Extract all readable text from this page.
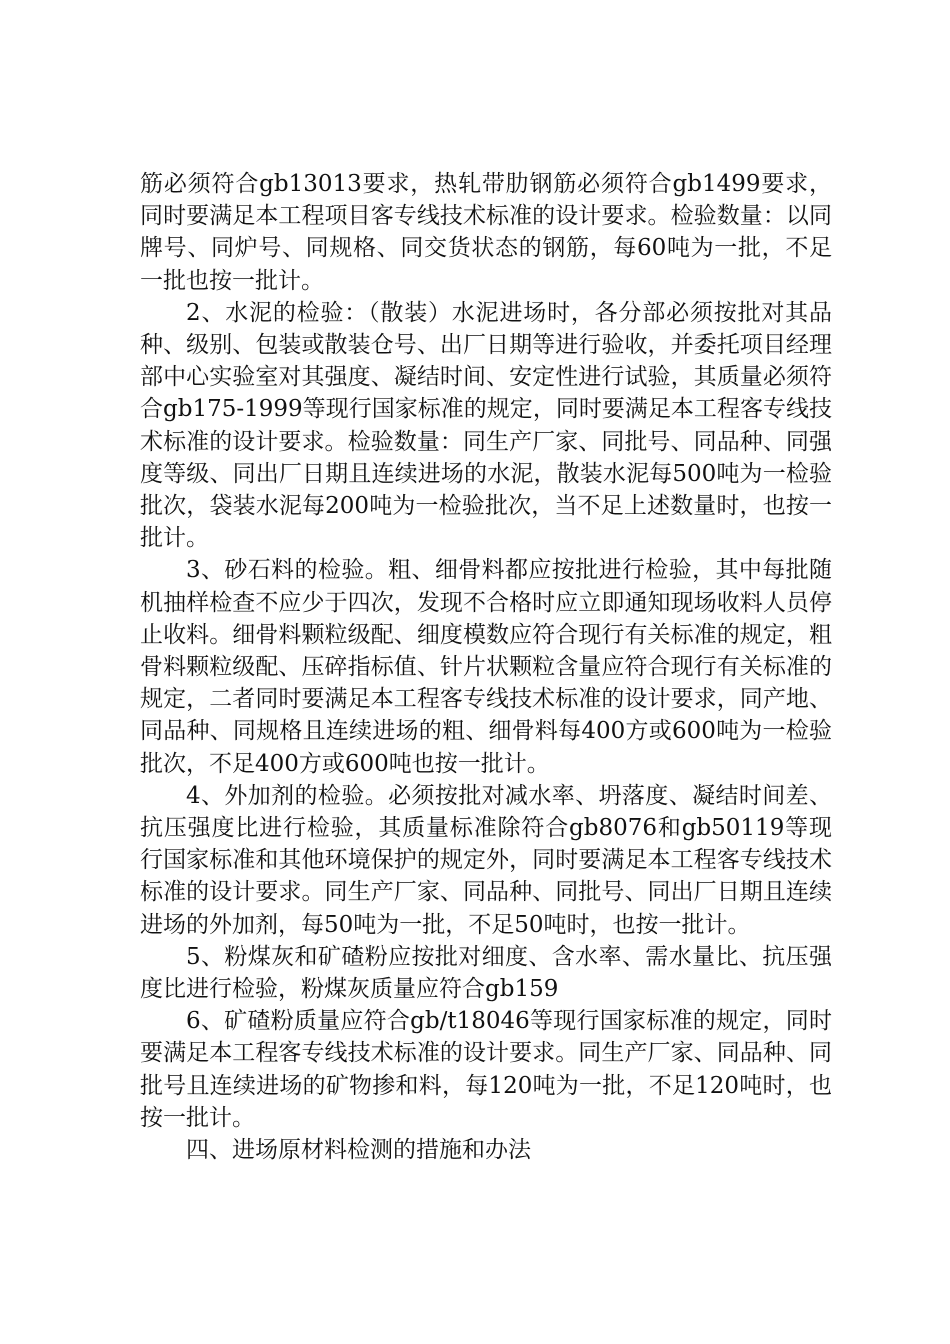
筋必须符合gb13013要求，热轧带肋钢筋必须符合gb1499要求，同时要满足本工程项目客专线技术标准的设计要求。检验数量：以同牌号、同炉号、同规格、同交货状态的钢筋，每60吨为一批，不足一批也按一批计。

2、水泥的检验：（散装）水泥进场时，各分部必须按批对其品种、级别、包装或散装仓号、出厂日期等进行验收，并委托项目经理部中心实验室对其强度、凝结时间、安定性进行试验，其质量必须符合gb175-1999等现行国家标准的规定，同时要满足本工程客专线技术标准的设计要求。检验数量：同生产厂家、同批号、同品种、同强度等级、同出厂日期且连续进场的水泥，散装水泥每500吨为一检验批次，袋装水泥每200吨为一检验批次，当不足上述数量时，也按一批计。

3、砂石料的检验。粗、细骨料都应按批进行检验，其中每批随机抽样检查不应少于四次，发现不合格时应立即通知现场收料人员停止收料。细骨料颗粒级配、细度模数应符合现行有关标准的规定，粗骨料颗粒级配、压碎指标值、针片状颗粒含量应符合现行有关标准的规定，二者同时要满足本工程客专线技术标准的设计要求，同产地、同品种、同规格且连续进场的粗、细骨料每400方或600吨为一检验批次，不足400方或600吨也按一批计。

4、外加剂的检验。必须按批对减水率、坍落度、凝结时间差、抗压强度比进行检验，其质量标准除符合gb8076和gb50119等现行国家标准和其他环境保护的规定外，同时要满足本工程客专线技术标准的设计要求。同生产厂家、同品种、同批号、同出厂日期且连续进场的外加剂，每50吨为一批，不足50吨时，也按一批计。

5、粉煤灰和矿碴粉应按批对细度、含水率、需水量比、抗压强度比进行检验，粉煤灰质量应符合gb159

6、矿碴粉质量应符合gb/t18046等现行国家标准的规定，同时要满足本工程客专线技术标准的设计要求。同生产厂家、同品种、同批号且连续进场的矿物掺和料，每120吨为一批，不足120吨时，也按一批计。

四、进场原材料检测的措施和办法
